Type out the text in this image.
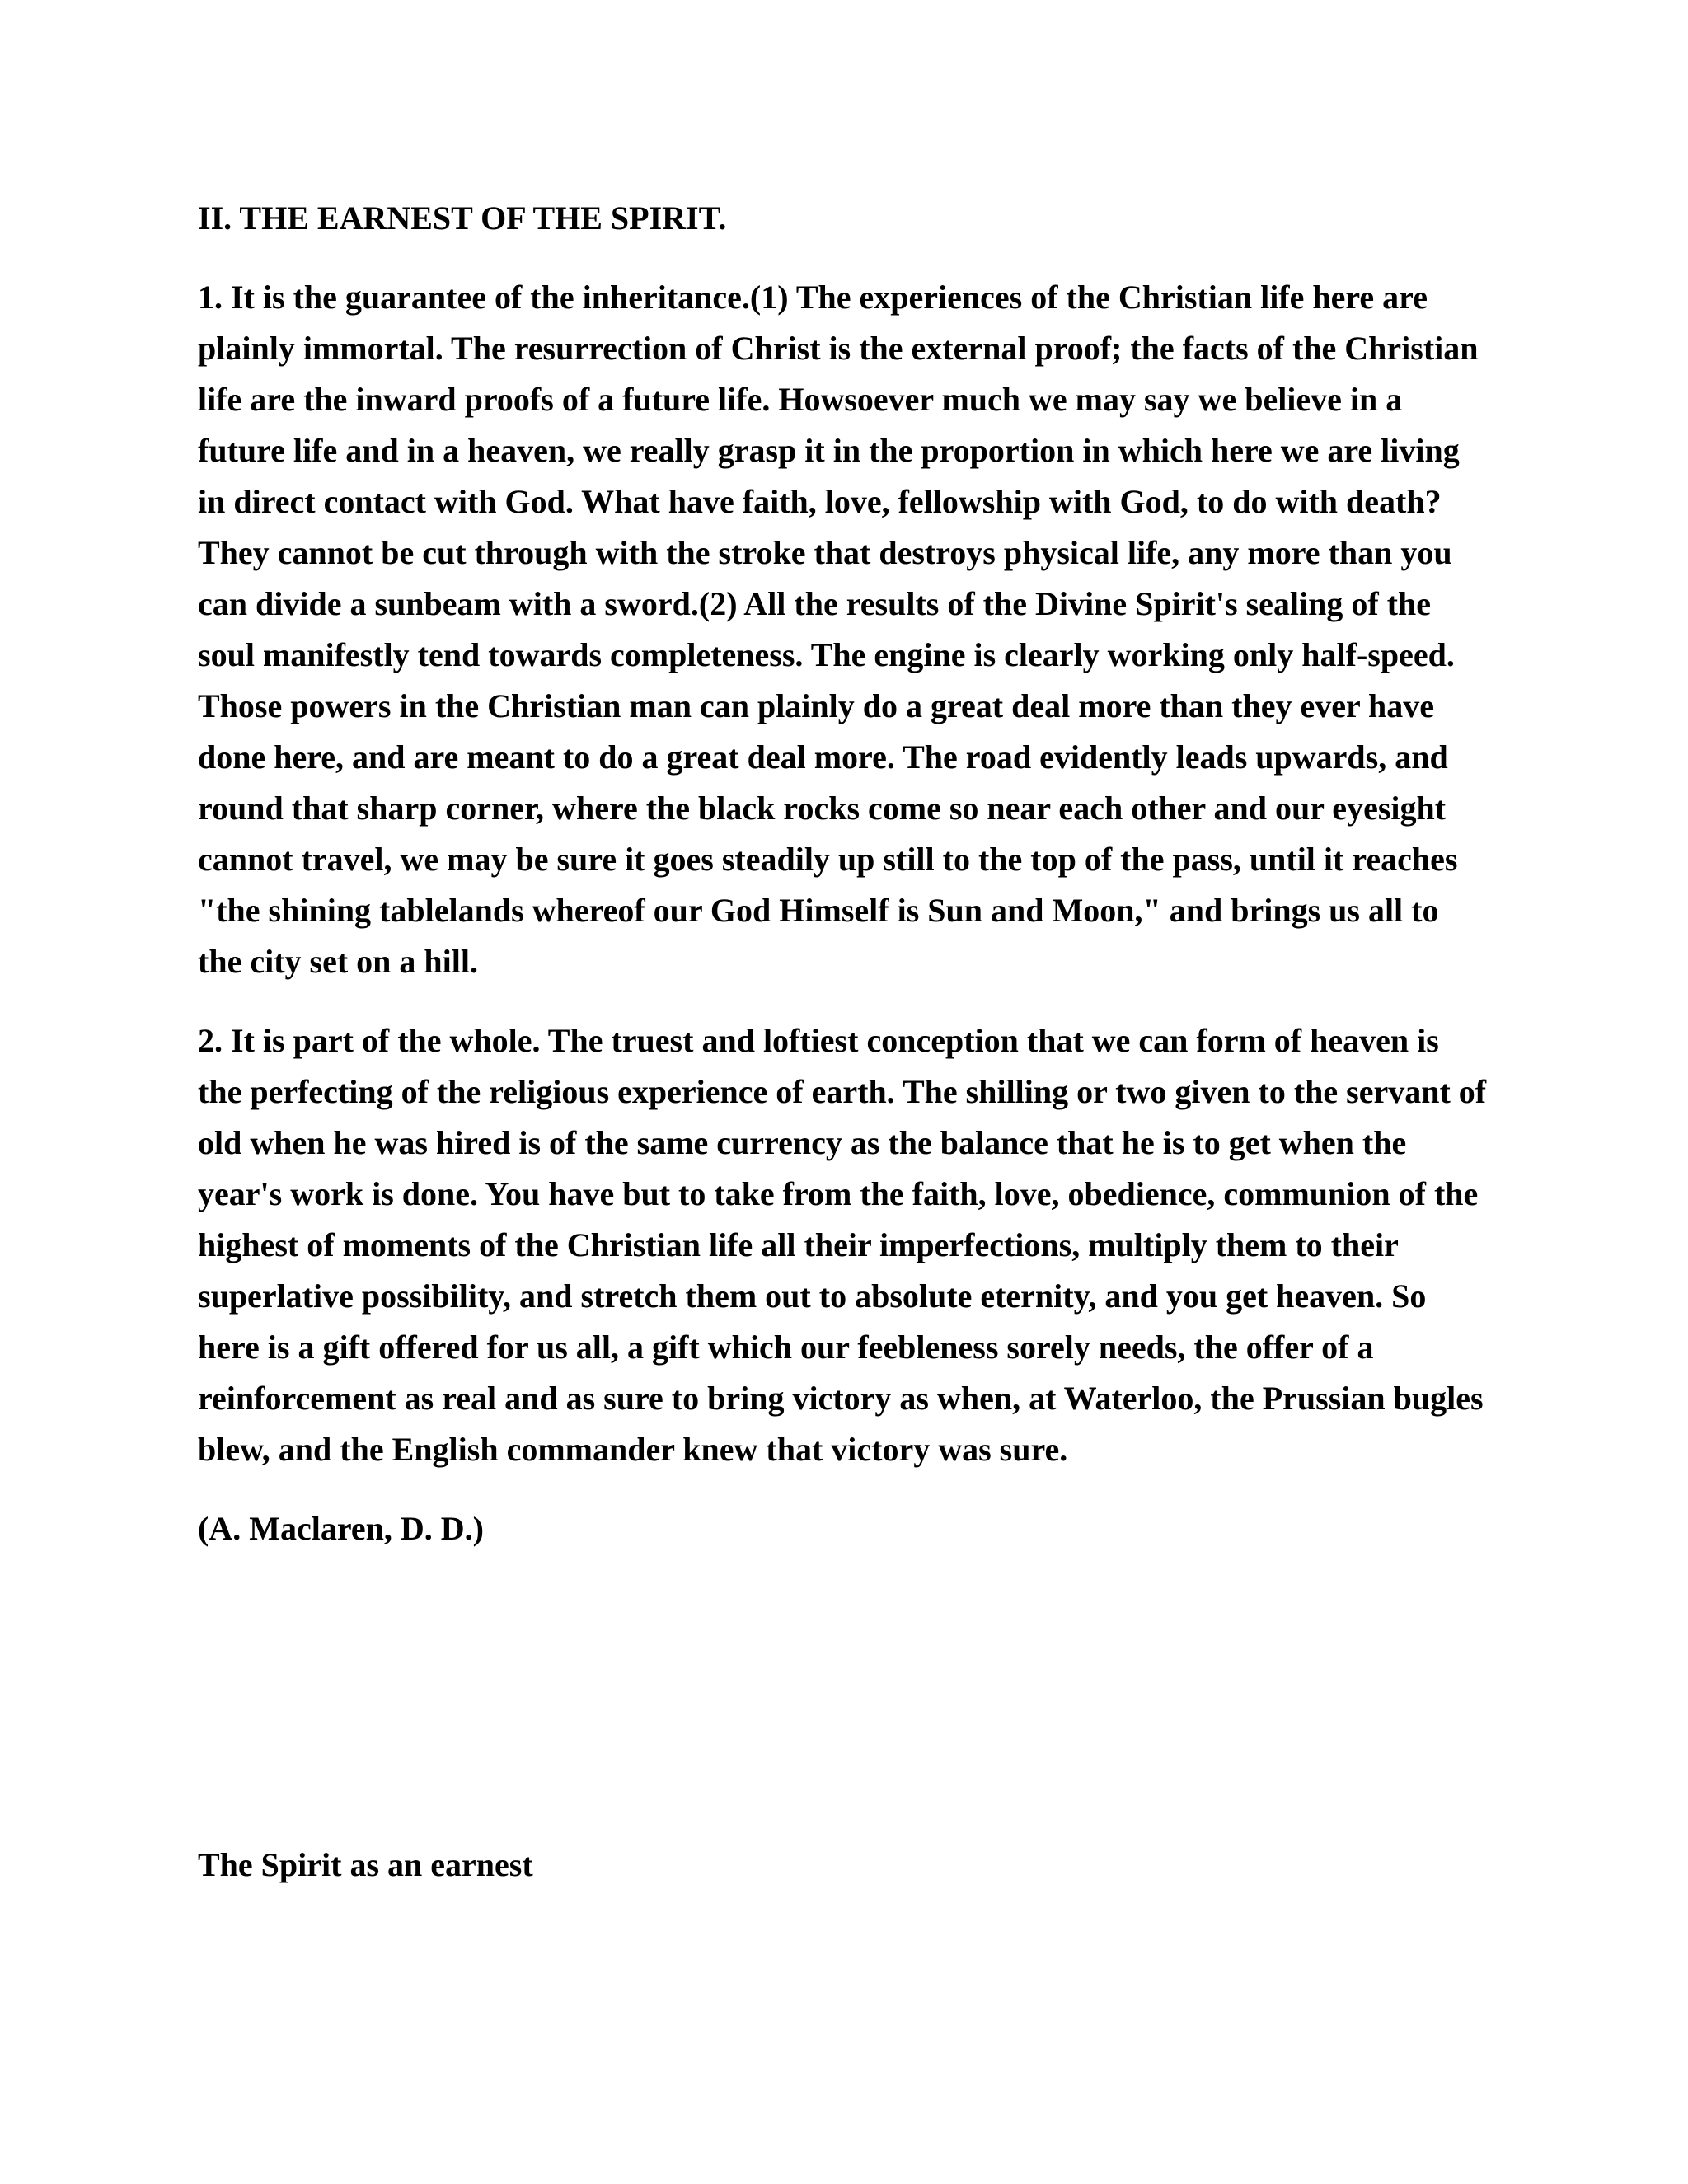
II. THE EARNEST OF THE SPIRIT.

1. It is the guarantee of the inheritance.(1) The experiences of the Christian life here are plainly immortal. The resurrection of Christ is the external proof; the facts of the Christian life are the inward proofs of a future life. Howsoever much we may say we believe in a future life and in a heaven, we really grasp it in the proportion in which here we are living in direct contact with God. What have faith, love, fellowship with God, to do with death? They cannot be cut through with the stroke that destroys physical life, any more than you can divide a sunbeam with a sword.(2) All the results of the Divine Spirit's sealing of the soul manifestly tend towards completeness. The engine is clearly working only half-speed. Those powers in the Christian man can plainly do a great deal more than they ever have done here, and are meant to do a great deal more. The road evidently leads upwards, and round that sharp corner, where the black rocks come so near each other and our eyesight cannot travel, we may be sure it goes steadily up still to the top of the pass, until it reaches "the shining tablelands whereof our God Himself is Sun and Moon," and brings us all to the city set on a hill.

2. It is part of the whole. The truest and loftiest conception that we can form of heaven is the perfecting of the religious experience of earth. The shilling or two given to the servant of old when he was hired is of the same currency as the balance that he is to get when the year's work is done. You have but to take from the faith, love, obedience, communion of the highest of moments of the Christian life all their imperfections, multiply them to their superlative possibility, and stretch them out to absolute eternity, and you get heaven. So here is a gift offered for us all, a gift which our feebleness sorely needs, the offer of a reinforcement as real and as sure to bring victory as when, at Waterloo, the Prussian bugles blew, and the English commander knew that victory was sure.

(A. Maclaren, D. D.)

The Spirit as an earnest
